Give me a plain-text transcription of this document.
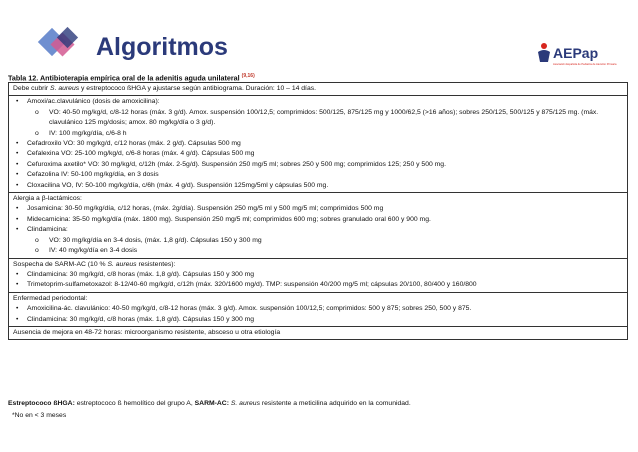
Algoritmos	AEPap
Asociación Española de Pediatría de Atención Primaria
Tabla 12. Antibioterapia empírica oral de la adenitis aguda unilateral $^{(9,16)}$
Debe cubrir S. aureus y estreptococo ßHGA y ajustarse según antibiograma. Duración: 10 – 14 días.

• Amoxi/ac.clavulánico (dosis de amoxicilina):
o VO: 40-50 mg/kg/d, c/8-12 horas (máx. 3 g/d). Amox. suspensión 100/12,5; comprimidos: 500/125, 875/125 mg y 1000/62,5 (>16 años); sobres 250/125, 500/125 y 875/125 mg. (máx. clavulánico 125 mg/dosis; amox. 80 mg/kg/día o 3 g/d).
o IV: 100 mg/kg/día, c/6-8 h
• Cefadroxilo VO: 30 mg/kg/d, c/12 horas (máx. 2 g/d). Cápsulas 500 mg
• Cefalexina VO: 25-100 mg/kg/d, c/6-8 horas (máx. 4 g/d). Cápsulas 500 mg
• Cefuroxima axetilo* VO: 30 mg/kg/d, c/12h (máx. 2-5g/d). Suspensión 250 mg/5 ml; sobres 250 y 500 mg; comprimidos 125; 250 y 500 mg.
• Cefazolina IV: 50-100 mg/kg/día, en 3 dosis
• Cloxacilina VO, IV: 50-100 mg/kg/día, c/6h (máx. 4 g/d). Suspensión 125mg/5ml y cápsulas 500 mg.

Alergia a β-lactámicos:
• Josamicina: 30-50 mg/kg/día, c/12 horas, (máx. 2g/día). Suspensión 250 mg/5 ml y 500 mg/5 ml; comprimidos 500 mg
• Midecamicina: 35-50 mg/kg/día (máx. 1800 mg). Suspensión 250 mg/5 ml; comprimidos 600 mg; sobres granulado oral 600 y 900 mg.
• Clindamicina:
o VO: 30 mg/kg/día en 3-4 dosis, (máx. 1,8 g/d). Cápsulas 150 y 300 mg
o IV: 40 mg/kg/día en 3-4 dosis

Sospecha de SARM-AC (10 % S. aureus resistentes):
• Clindamicina: 30 mg/kg/d, c/8 horas (máx. 1,8 g/d). Cápsulas 150 y 300 mg
• Trimetoprim-sulfametoxazol: 8-12/40-60 mg/kg/d, c/12h (máx. 320/1600 mg/d). TMP: suspensión 40/200 mg/5 ml; cápsulas 20/100, 80/400 y 160/800

Enfermedad periodontal:
• Amoxicilina-ác. clavulánico: 40-50 mg/kg/d, c/8-12 horas (máx. 3 g/d). Amox. suspensión 100/12,5; comprimidos: 500 y 875; sobres 250, 500 y 875.
• Clindamicina: 30 mg/kg/d, c/8 horas (máx. 1,8 g/d). Cápsulas 150 y 300 mg

Ausencia de mejora en 48-72 horas: microorganismo resistente, absceso u otra etiología
Estreptococo ßHGA: estreptococo ß hemolítico del grupo A, SARM-AC: S. aureus resistente a meticilina adquirido en la comunidad.
*No en < 3 meses
